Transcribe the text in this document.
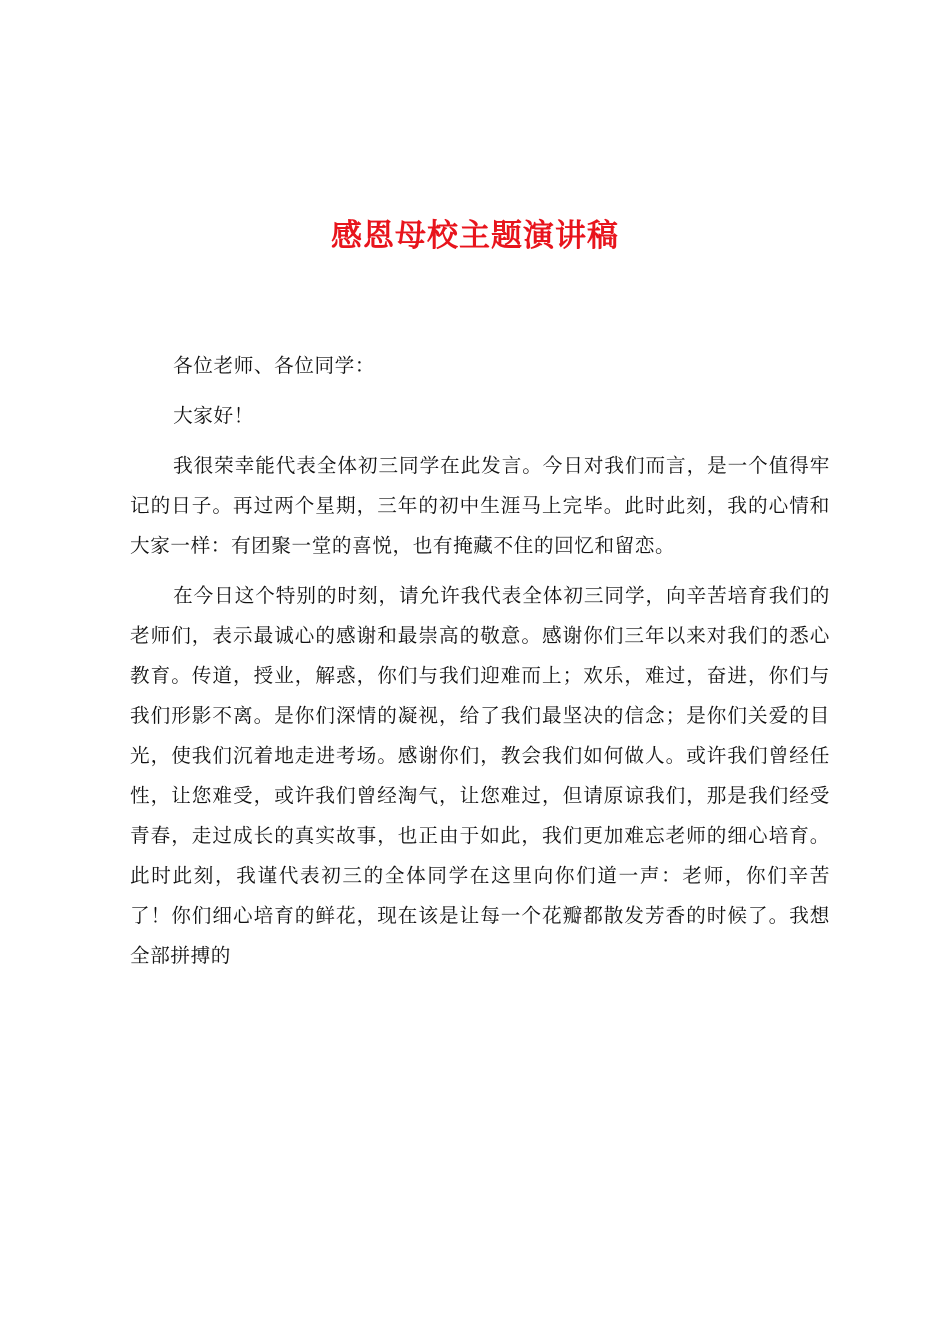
感恩母校主题演讲稿

各位老师、各位同学：

大家好！

我很荣幸能代表全体初三同学在此发言。今日对我们而言，是一个值得牢记的日子。再过两个星期，三年的初中生涯马上完毕。此时此刻，我的心情和大家一样：有团聚一堂的喜悦，也有掩藏不住的回忆和留恋。

在今日这个特别的时刻，请允许我代表全体初三同学，向辛苦培育我们的老师们，表示最诚心的感谢和最崇高的敬意。感谢你们三年以来对我们的悉心教育。传道，授业，解惑，你们与我们迎难而上；欢乐，难过，奋进，你们与我们形影不离。是你们深情的凝视，给了我们最坚决的信念；是你们关爱的目光，使我们沉着地走进考场。感谢你们，教会我们如何做人。或许我们曾经任性，让您难受，或许我们曾经淘气，让您难过，但请原谅我们，那是我们经受青春，走过成长的真实故事，也正由于如此，我们更加难忘老师的细心培育。此时此刻，我谨代表初三的全体同学在这里向你们道一声：老师，你们辛苦了！你们细心培育的鲜花，现在该是让每一个花瓣都散发芳香的时候了。我想全部拼搏的
